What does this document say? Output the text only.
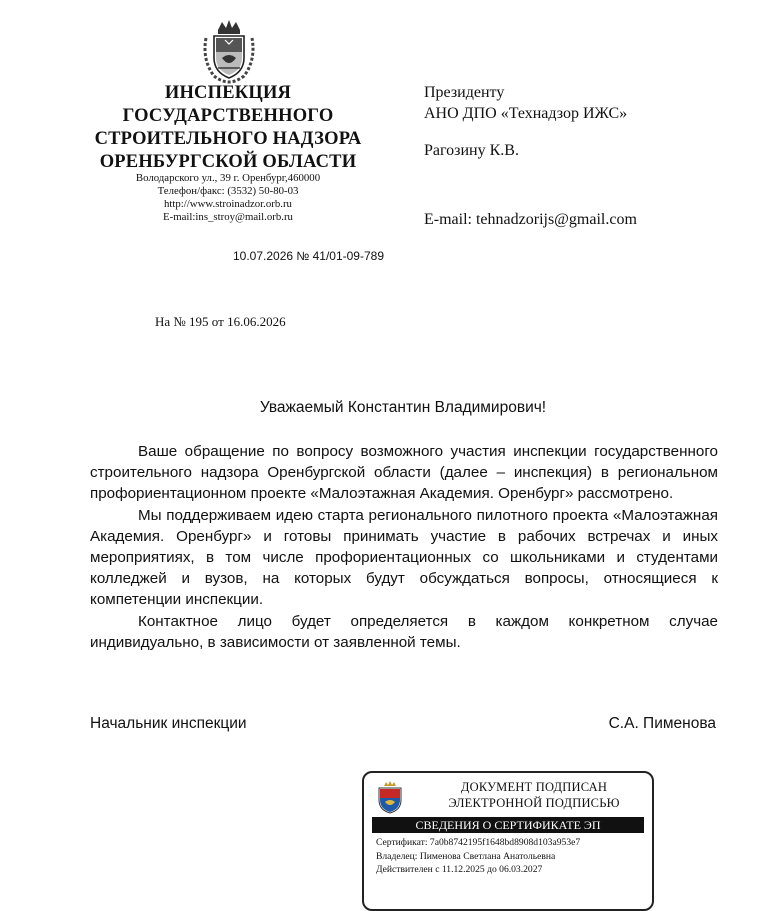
ИНСПЕКЦИЯ
ГОСУДАРСТВЕННОГО
СТРОИТЕЛЬНОГО НАДЗОРА
ОРЕНБУРГСКОЙ ОБЛАСТИ
Володарского ул., 39 г. Оренбург,460000
Телефон/факс: (3532) 50-80-03
http://www.stroinadzor.orb.ru
E-mail:ins_stroy@mail.orb.ru
10.07.2026 № 41/01-09-789
На № 195 от 16.06.2026
Президенту
АНО ДПО «Технадзор ИЖС»
Рагозину К.В.
E-mail: tehnadzorijs@gmail.com
Уважаемый Константин Владимирович!

Ваше обращение по вопросу возможного участия инспекции государственного строительного надзора Оренбургской области (далее – инспекция) в региональном профориентационном проекте «Малоэтажная Академия. Оренбург» рассмотрено.

Мы поддерживаем идею старта регионального пилотного проекта «Малоэтажная Академия. Оренбург» и готовы принимать участие в рабочих встречах и иных мероприятиях, в том числе профориентационных со школьниками и студентами колледжей и вузов, на которых будут обсуждаться вопросы, относящиеся к компетенции инспекции.

Контактное лицо будет определяется в каждом конкретном случае индивидуально, в зависимости от заявленной темы.

Начальник инспекции	С.А. Пименова
ДОКУМЕНТ ПОДПИСАН
ЭЛЕКТРОННОЙ ПОДПИСЬЮ
СВЕДЕНИЯ О СЕРТИФИКАТЕ ЭП
Сертификат: 7a0b8742195f1648bd8908d103a953e7
Владелец: Пименова Светлана Анатольевна
Действителен с 11.12.2025 до 06.03.2027
